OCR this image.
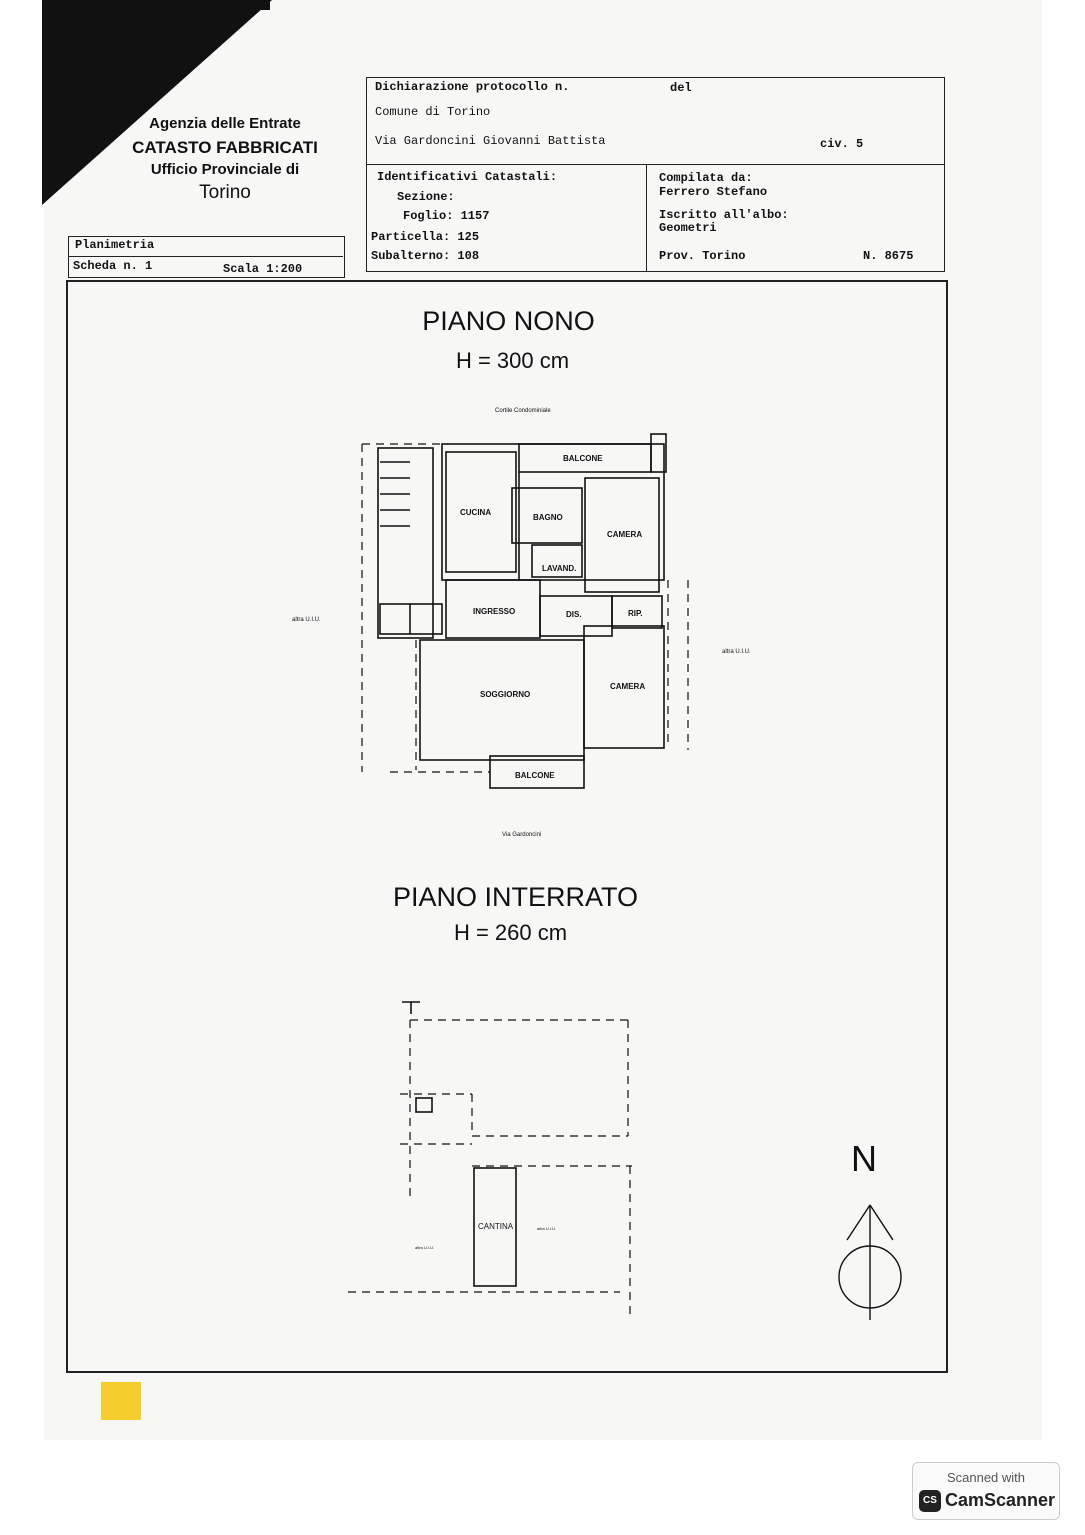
Agenzia delle Entrate
CATASTO FABBRICATI
Ufficio Provinciale di
Torino
Dichiarazione protocollo n.	del
Comune di Torino
Via Gardoncini Giovanni Battista	civ. 5
Identificativi Catastali:
Sezione:
Foglio: 1157
Particella: 125
Subalterno: 108
Compilata da:
Ferrero Stefano
Iscritto all'albo:
Geometri
Prov. Torino	N. 8675
Planimetria
Scheda n. 1	Scala 1:200
PIANO NONO
H = 300 cm
PIANO INTERRATO
H = 260 cm
Cortile Condominiale
BALCONE
CUCINA
BAGNO
CAMERA
LAVAND.
INGRESSO	DIS.	RIP.
altra U.I.U.
altra U.I.U.
SOGGIORNO
CAMERA
BALCONE
Via Gardoncini
CANTINA
altra U.I.U.
altra U.I.U.
N
Scanned with
CS CamScanner
